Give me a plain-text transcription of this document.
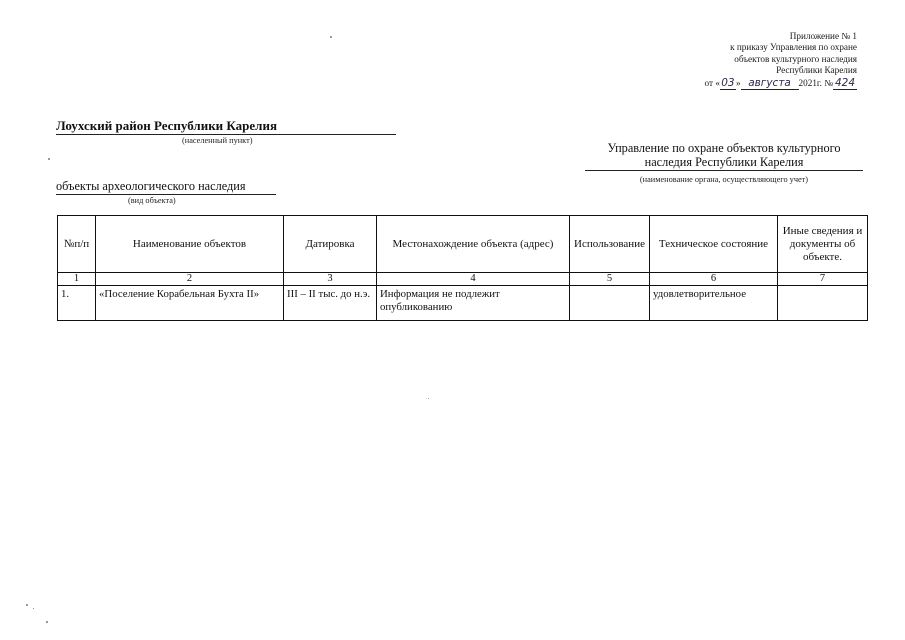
Приложение № 1
к приказу Управления по охране
объектов культурного наследия
Республики Карелия
от «03» августа 2021г. № 424
Лоухский район Республики Карелия
(населенный пункт)
Управление по охране объектов культурного
наследия Республики Карелия
(наименование органа, осуществляющего учет)
объекты археологического наследия
(вид объекта)
№п/п	Наименование объектов	Датировка	Местонахождение объекта (адрес)	Использование	Техническое состояние	Иные сведения и документы об объекте.
1	2	3	4	5	6	7
1.	«Поселение Корабельная Бухта II»	III – II тыс. до н.э.	Информация не подлежит опубликованию		удовлетворительное	
